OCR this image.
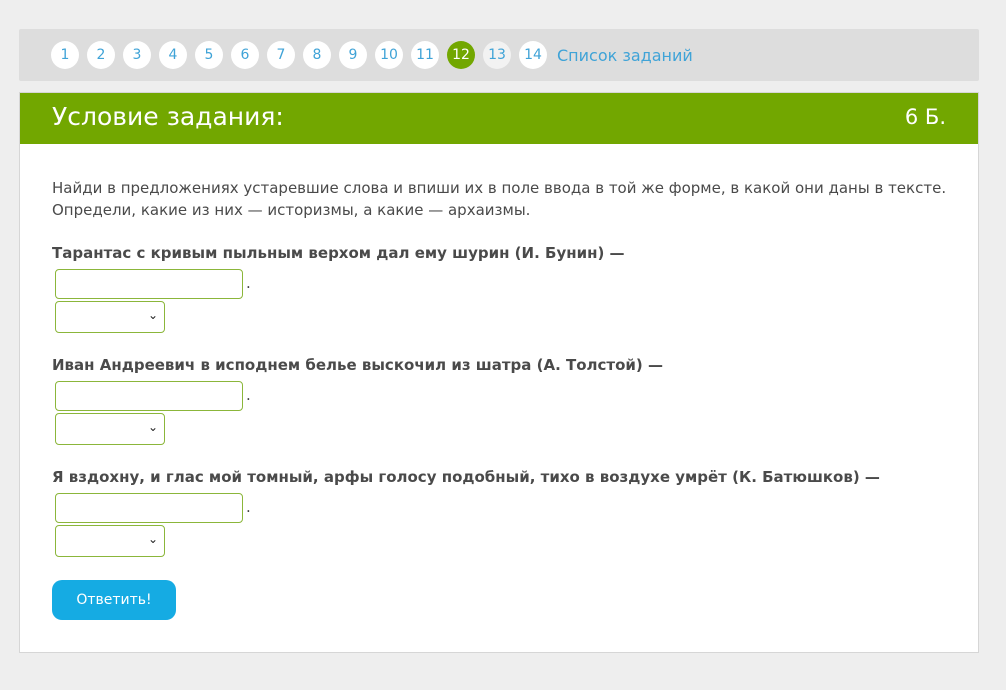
1	2	3	4	5	6	7	8	9	10	11	12	13	14 Список заданий
Условие задания:	6 Б.
Найди в предложениях устаревшие слова и впиши их в поле ввода в той же форме, в какой они даны в тексте. Определи, какие из них — историзмы, а какие — архаизмы.
Тарантас с кривым пыльным верхом дал ему шурин (И. Бунин) —
.
⌄
Иван Андреевич в исподнем белье выскочил из шатра (А. Толстой) —
.
⌄
Я вздохну, и глас мой томный, арфы голосу подобный, тихо в воздухе умрёт (К. Батюшков) —
.
⌄
Ответить!
